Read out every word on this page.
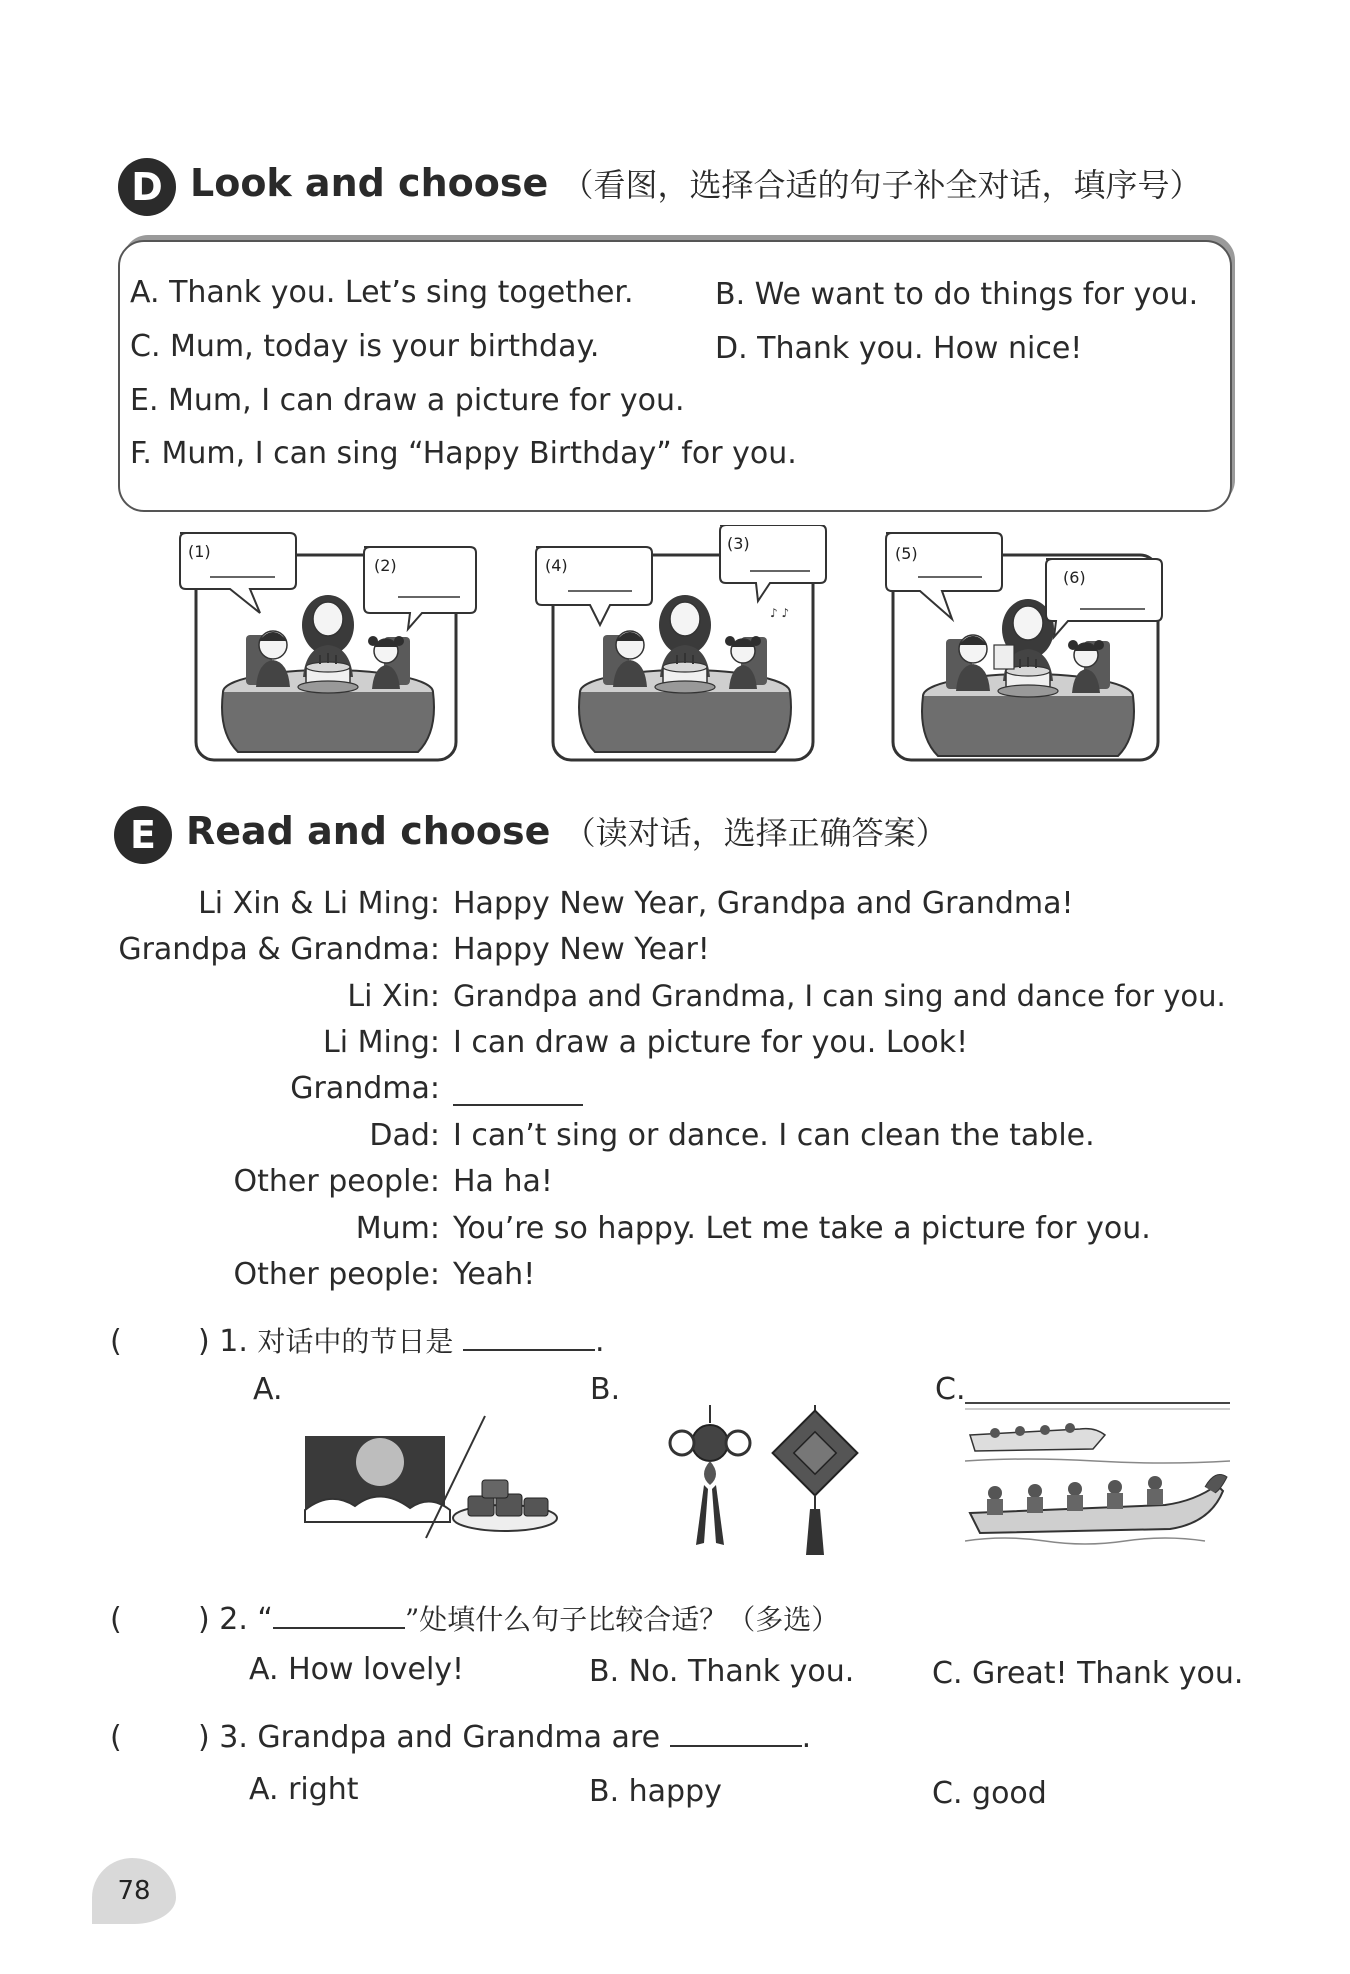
D Look and choose （看图，选择合适的句子补全对话，填序号）
A. Thank you. Let’s sing together.	B. We want to do things for you.
C. Mum, today is your birthday.	D. Thank you. How nice!
E. Mum, I can draw a picture for you.
F. Mum, I can sing “Happy Birthday” for you.
♪ ♪
(1)
(2)
(3)
(4)
(5)
(6)
E Read and choose （读对话，选择正确答案）
Li Xin & Li Ming: Happy New Year, Grandpa and Grandma!
Grandpa & Grandma: Happy New Year!
Li Xin: Grandpa and Grandma, I can sing and dance for you.
Li Ming: I can draw a picture for you. Look!
Grandma:
Dad: I can’t sing or dance. I can clean the table.
Other people: Ha ha!
Mum: You’re so happy. Let me take a picture for you.
Other people: Yeah!
(        ) 1. 对话中的节日是	.
A.	B.	C.
(        ) 2. “	”处填什么句子比较合适？（多选）
A. How lovely!	B. No. Thank you.	C. Great! Thank you.
(        ) 3. Grandpa and Grandma are	.
A. right	B. happy	C. good
78
